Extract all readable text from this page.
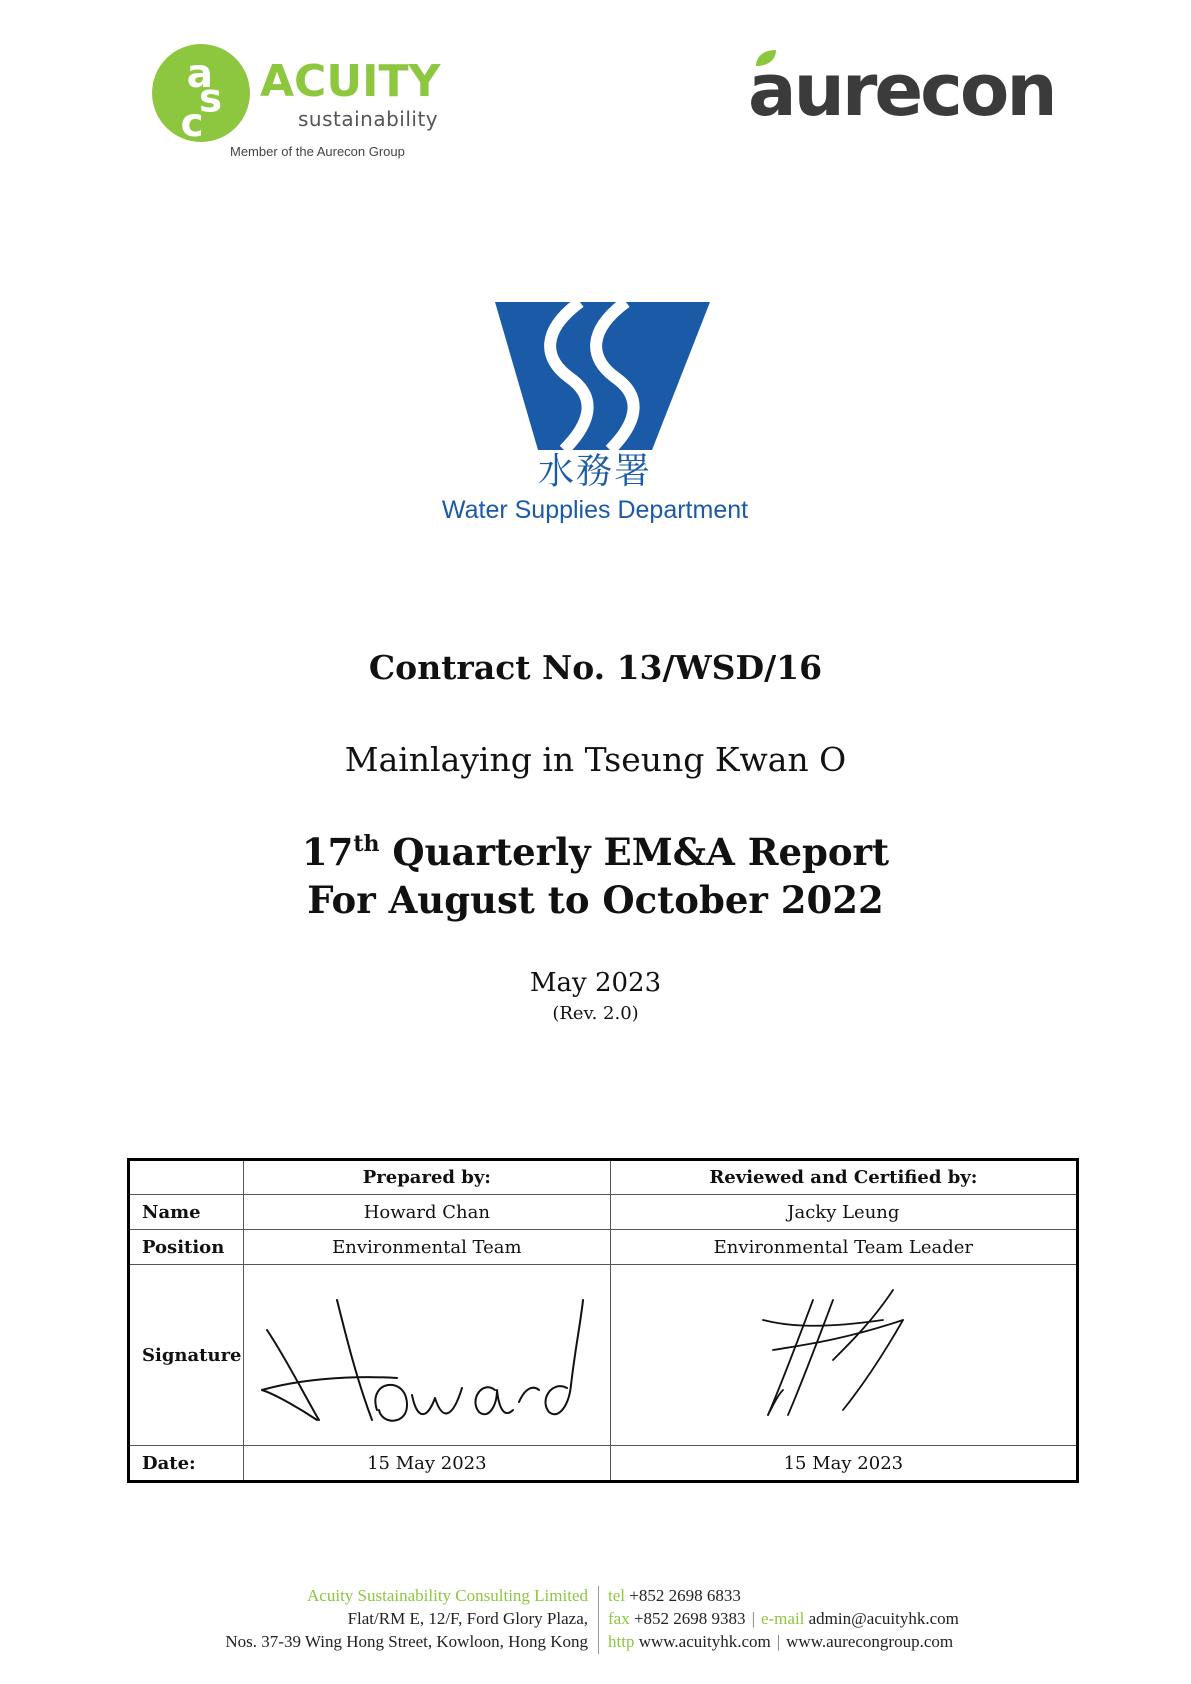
a
s
c
ACUITY
sustainability
Member of the Aurecon Group
aurecon
水務署
Water Supplies Department
Contract No. 13/WSD/16
Mainlaying in Tseung Kwan O
17th Quarterly EM&A Report
For August to October 2022
May 2023
(Rev. 2.0)
	Prepared by:	Reviewed and Certified by:
Name	Howard Chan	Jacky Leung
Position	Environmental Team	Environmental Team Leader
Signature	

Date:	15 May 2023	15 May 2023
Acuity Sustainability Consulting Limited
Flat/RM E, 12/F, Ford Glory Plaza,
Nos. 37-39 Wing Hong Street, Kowloon, Hong Kong
tel +852 2698 6833
fax +852 2698 9383 | e-mail admin@acuityhk.com
http www.acuityhk.com | www.aurecongroup.com
